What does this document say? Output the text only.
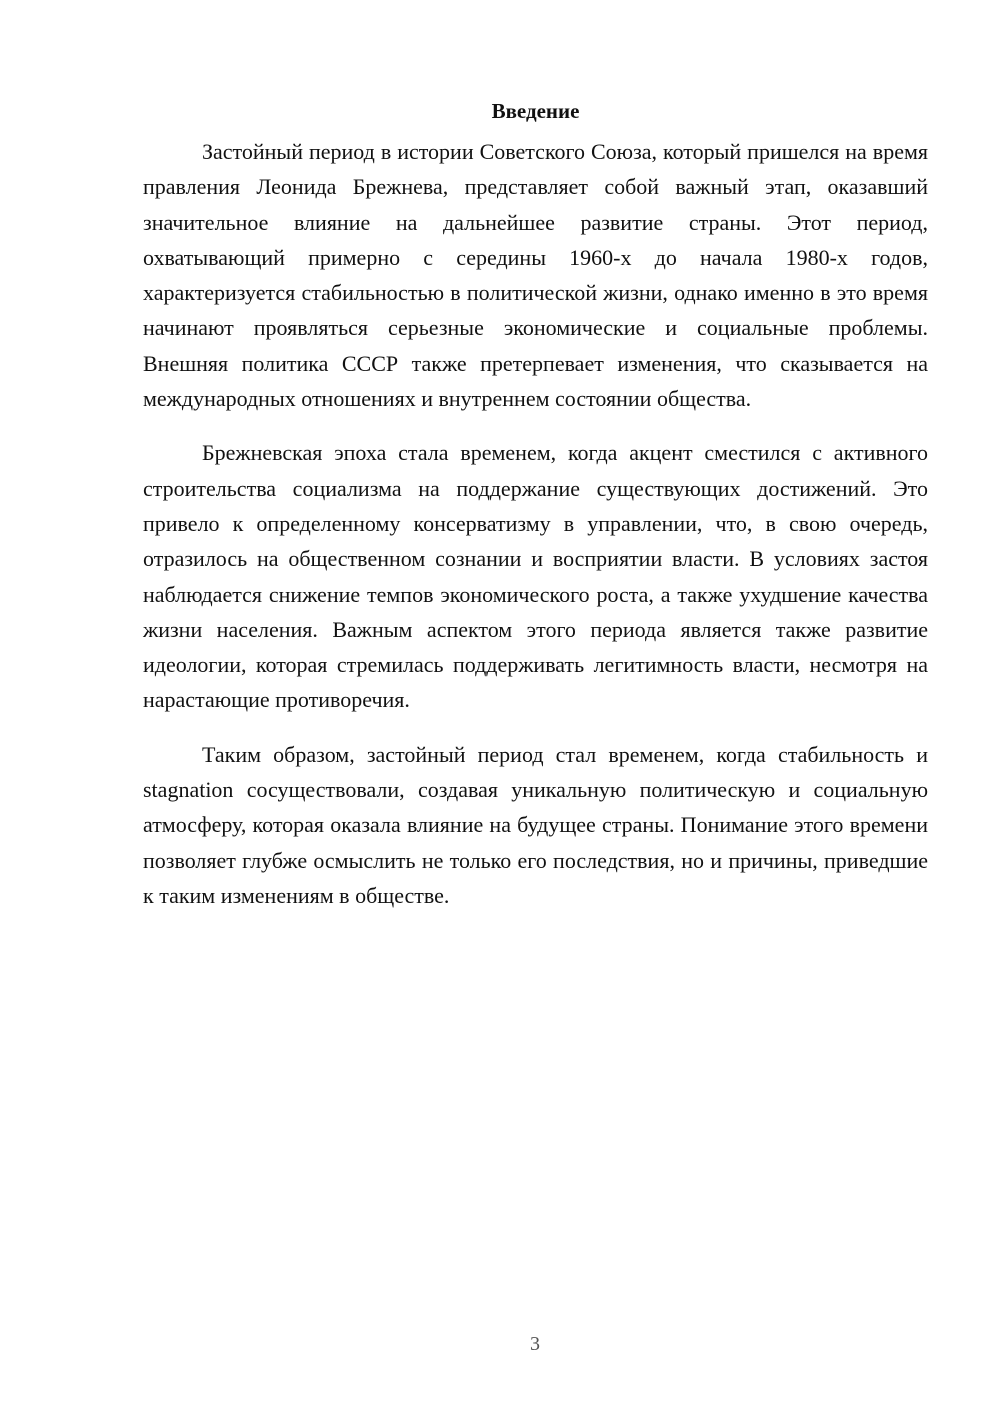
Введение

Застойный период в истории Советского Союза, который пришелся на время правления Леонида Брежнева, представляет собой важный этап, оказавший значительное влияние на дальнейшее развитие страны. Этот период, охватывающий примерно с середины 1960-х до начала 1980-х годов, характеризуется стабильностью в политической жизни, однако именно в это время начинают проявляться серьезные экономические и социальные проблемы. Внешняя политика СССР также претерпевает изменения, что сказывается на международных отношениях и внутреннем состоянии общества.

Брежневская эпоха стала временем, когда акцент сместился с активного строительства социализма на поддержание существующих достижений. Это привело к определенному консерватизму в управлении, что, в свою очередь, отразилось на общественном сознании и восприятии власти. В условиях застоя наблюдается снижение темпов экономического роста, а также ухудшение качества жизни населения. Важным аспектом этого периода является также развитие идеологии, которая стремилась поддерживать легитимность власти, несмотря на нарастающие противоречия.

Таким образом, застойный период стал временем, когда стабильность и stagnation сосуществовали, создавая уникальную политическую и социальную атмосферу, которая оказала влияние на будущее страны. Понимание этого времени позволяет глубже осмыслить не только его последствия, но и причины, приведшие к таким изменениям в обществе.

3
